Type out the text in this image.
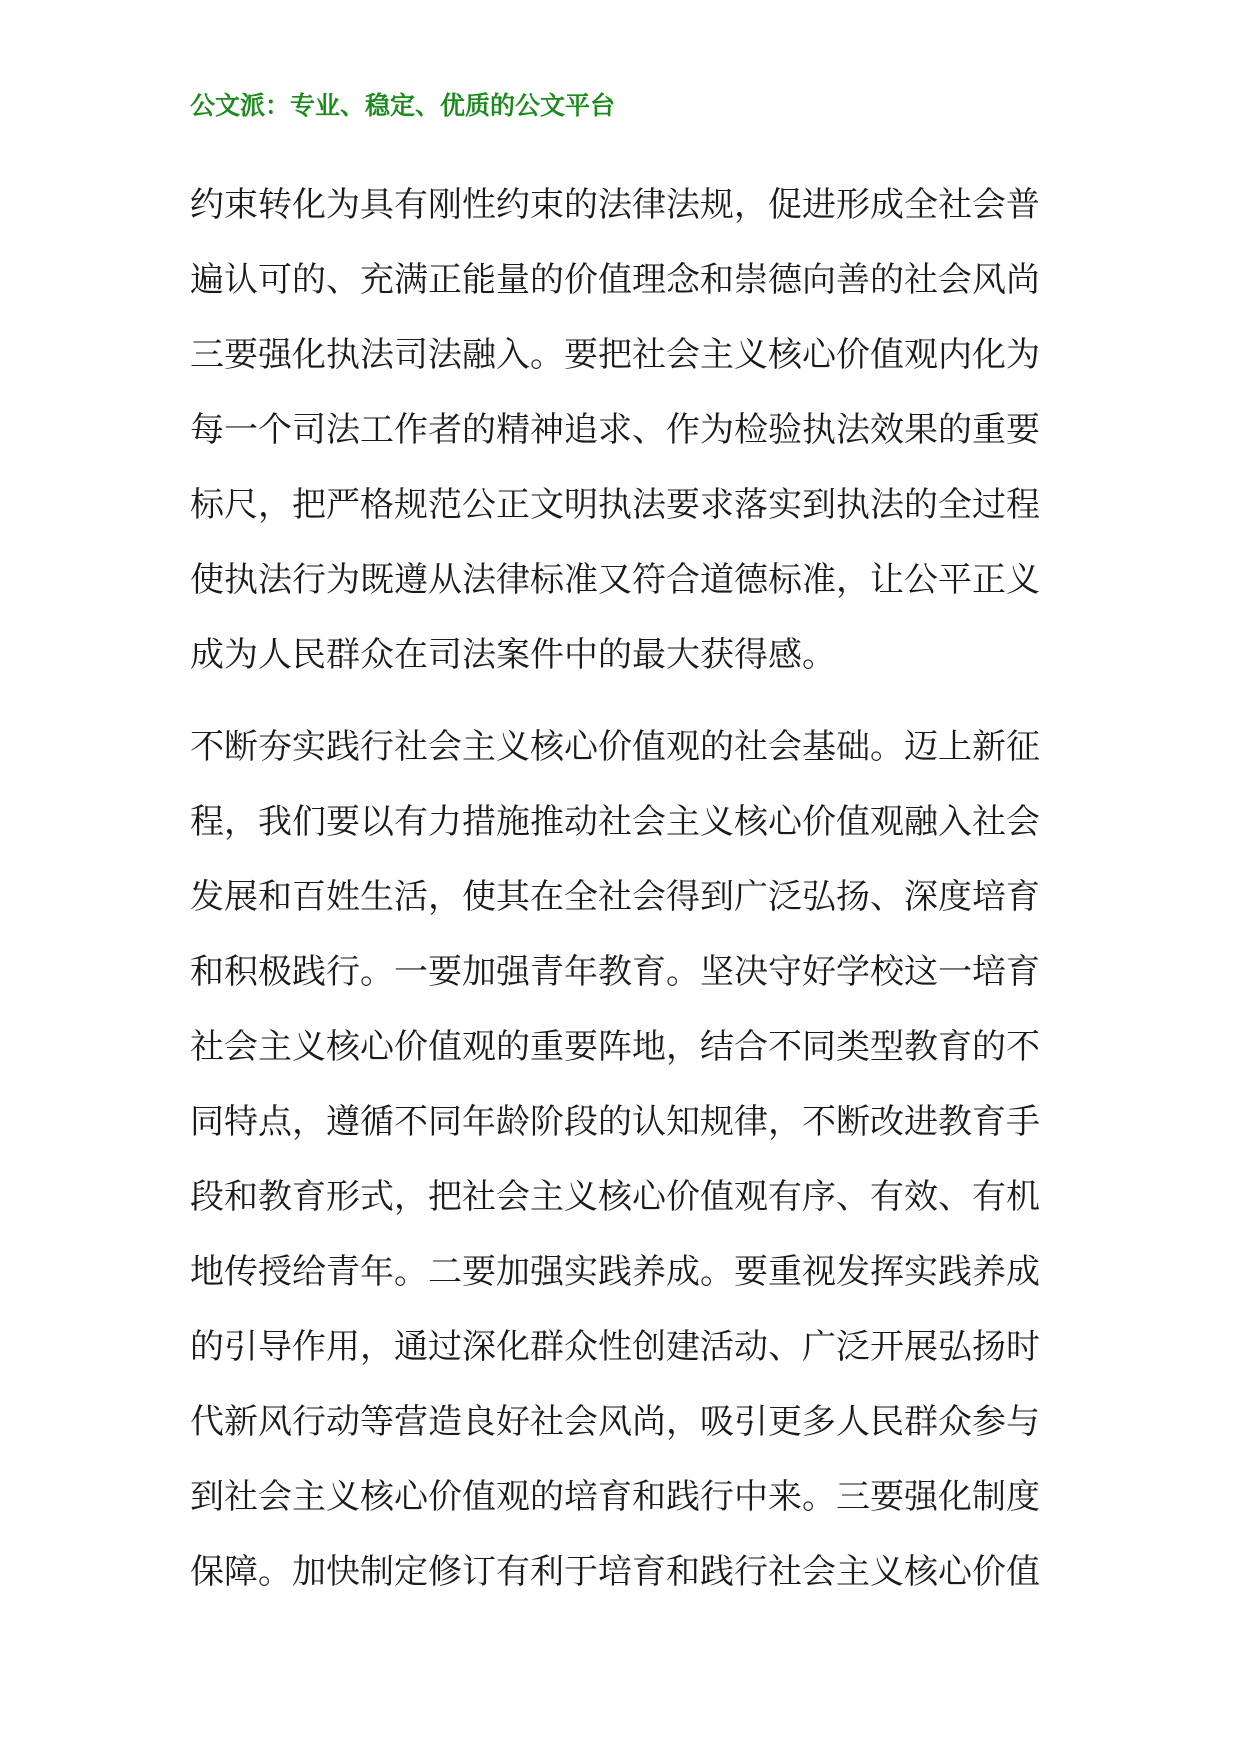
公文派：专业、稳定、优质的公文平台
约束转化为具有刚性约束的法律法规，促进形成全社会普
遍认可的、充满正能量的价值理念和崇德向善的社会风尚
三要强化执法司法融入。要把社会主义核心价值观内化为
每一个司法工作者的精神追求、作为检验执法效果的重要
标尺，把严格规范公正文明执法要求落实到执法的全过程
使执法行为既遵从法律标准又符合道德标准，让公平正义
成为人民群众在司法案件中的最大获得感。
不断夯实践行社会主义核心价值观的社会基础。迈上新征
程，我们要以有力措施推动社会主义核心价值观融入社会
发展和百姓生活，使其在全社会得到广泛弘扬、深度培育
和积极践行。一要加强青年教育。坚决守好学校这一培育
社会主义核心价值观的重要阵地，结合不同类型教育的不
同特点，遵循不同年龄阶段的认知规律，不断改进教育手
段和教育形式，把社会主义核心价值观有序、有效、有机
地传授给青年。二要加强实践养成。要重视发挥实践养成
的引导作用，通过深化群众性创建活动、广泛开展弘扬时
代新风行动等营造良好社会风尚，吸引更多人民群众参与
到社会主义核心价值观的培育和践行中来。三要强化制度
保障。加快制定修订有利于培育和践行社会主义核心价值
